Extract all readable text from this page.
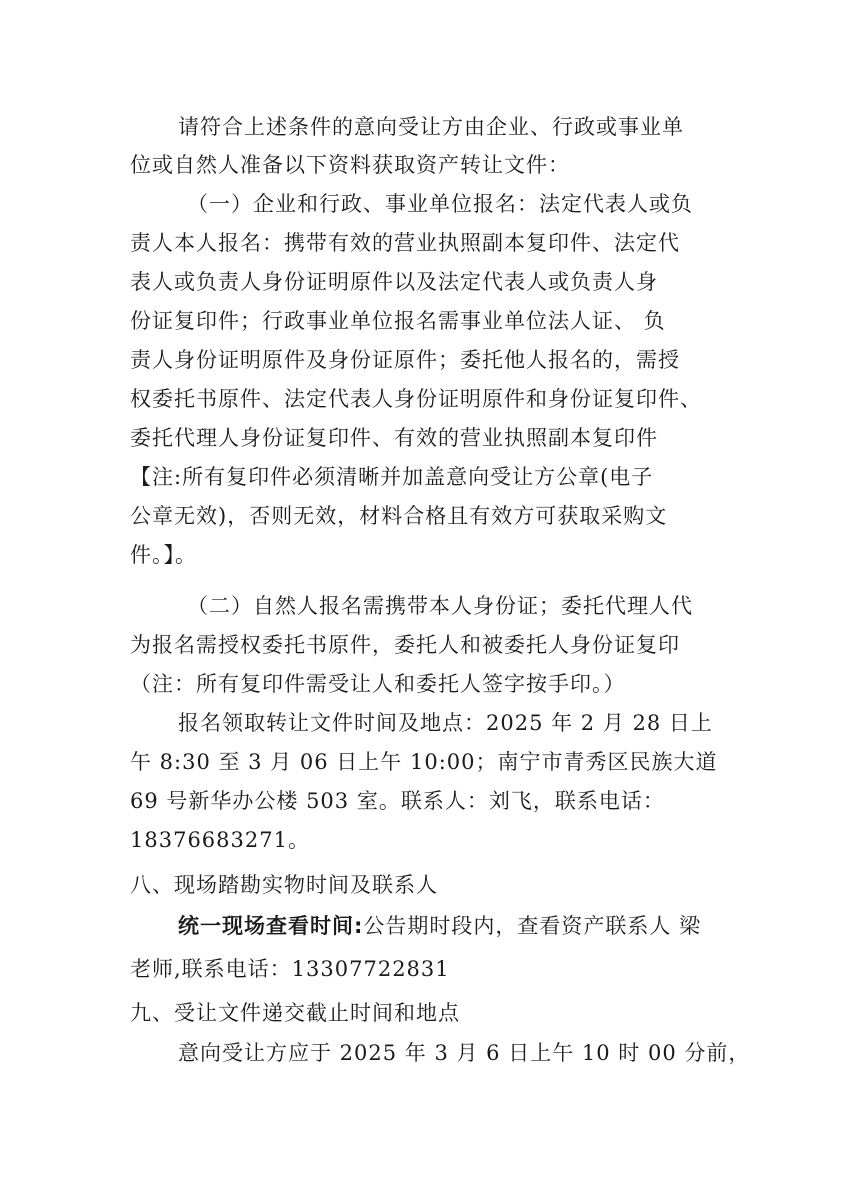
请符合上述条件的意向受让方由企业、行政或事业单
位或自然人准备以下资料获取资产转让文件：
（一）企业和行政、事业单位报名：法定代表人或负
责人本人报名：携带有效的营业执照副本复印件、法定代
表人或负责人身份证明原件以及法定代表人或负责人身
份证复印件；行政事业单位报名需事业单位法人证、 负
责人身份证明原件及身份证原件；委托他人报名的，需授
权委托书原件、法定代表人身份证明原件和身份证复印件、
委托代理人身份证复印件、有效的营业执照副本复印件
【注:所有复印件必须清晰并加盖意向受让方公章(电子
公章无效)，否则无效，材料合格且有效方可获取采购文
件。】。
（二）自然人报名需携带本人身份证；委托代理人代
为报名需授权委托书原件，委托人和被委托人身份证复印
（注：所有复印件需受让人和委托人签字按手印。）
报名领取转让文件时间及地点：2025 年 2 月 28 日上
午 8:30 至 3 月 06 日上午 10:00；南宁市青秀区民族大道
69 号新华办公楼 503 室。联系人：刘飞，联系电话：
18376683271。
八、现场踏勘实物时间及联系人
统一现场查看时间:公告期时段内，查看资产联系人 梁
老师,联系电话：13307722831
九、受让文件递交截止时间和地点
意向受让方应于 2025 年 3 月 6 日上午 10 时 00 分前，
